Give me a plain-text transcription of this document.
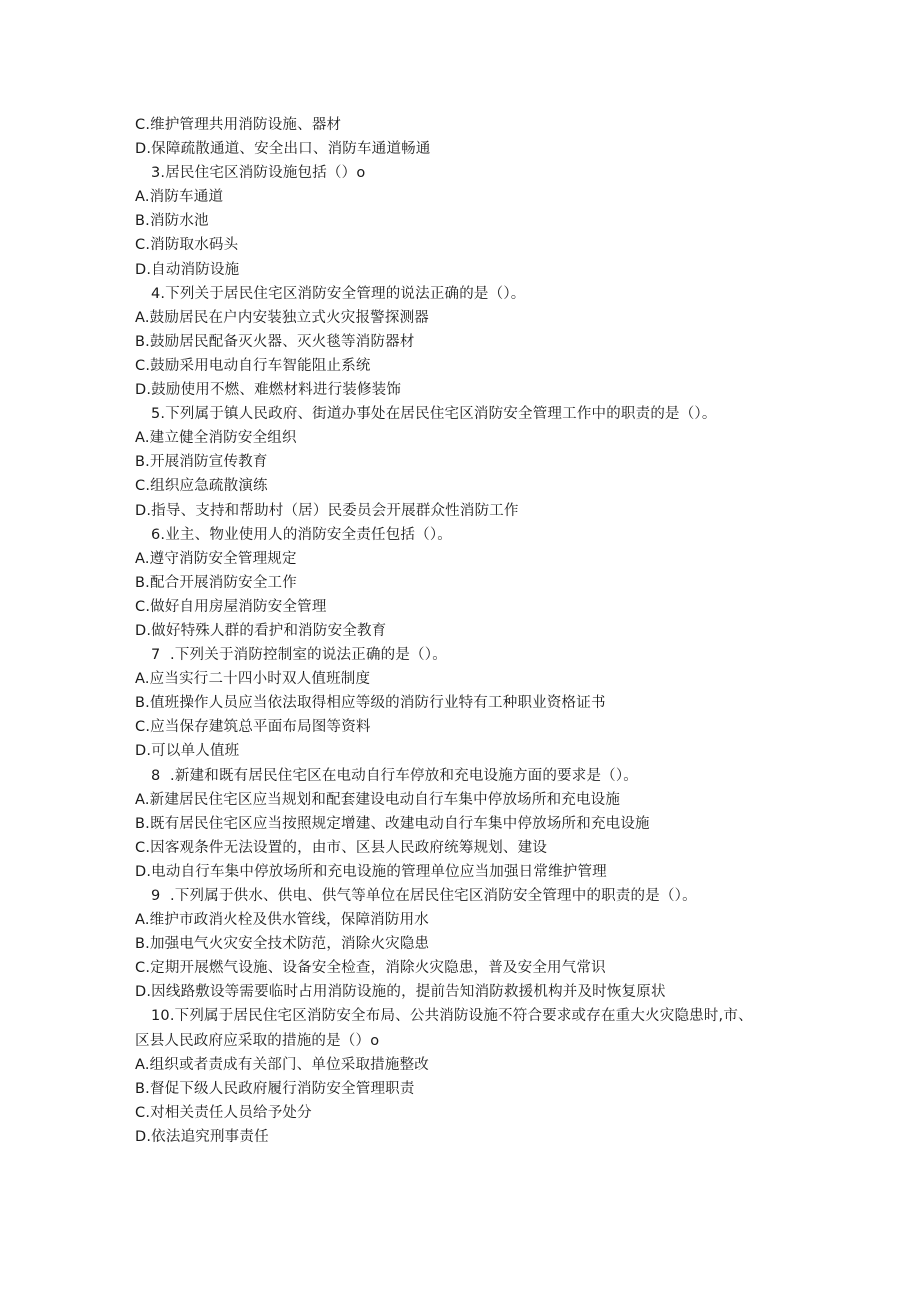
C.维护管理共用消防设施、器材
D.保障疏散通道、安全出口、消防车通道畅通
3.居民住宅区消防设施包括（）o
A.消防车通道
B.消防水池
C.消防取水码头
D.自动消防设施
4.下列关于居民住宅区消防安全管理的说法正确的是（）。
A.鼓励居民在户内安装独立式火灾报警探测器
B.鼓励居民配备灭火器、灭火毯等消防器材
C.鼓励采用电动自行车智能阻止系统
D.鼓励使用不燃、难燃材料进行装修装饰
5.下列属于镇人民政府、街道办事处在居民住宅区消防安全管理工作中的职责的是（）。
A.建立健全消防安全组织
B.开展消防宣传教育
C.组织应急疏散演练
D.指导、支持和帮助村（居）民委员会开展群众性消防工作
6.业主、物业使用人的消防安全责任包括（）。
A.遵守消防安全管理规定
B.配合开展消防安全工作
C.做好自用房屋消防安全管理
D.做好特殊人群的看护和消防安全教育
7  .下列关于消防控制室的说法正确的是（）。
A.应当实行二十四小时双人值班制度
B.值班操作人员应当依法取得相应等级的消防行业特有工种职业资格证书
C.应当保存建筑总平面布局图等资料
D.可以单人值班
8  .新建和既有居民住宅区在电动自行车停放和充电设施方面的要求是（）。
A.新建居民住宅区应当规划和配套建设电动自行车集中停放场所和充电设施
B.既有居民住宅区应当按照规定增建、改建电动自行车集中停放场所和充电设施
C.因客观条件无法设置的，由市、区县人民政府统筹规划、建设
D.电动自行车集中停放场所和充电设施的管理单位应当加强日常维护管理
9  .下列属于供水、供电、供气等单位在居民住宅区消防安全管理中的职责的是（）。
A.维护市政消火栓及供水管线，保障消防用水
B.加强电气火灾安全技术防范，消除火灾隐患
C.定期开展燃气设施、设备安全检查，消除火灾隐患，普及安全用气常识
D.因线路敷设等需要临时占用消防设施的，提前告知消防救援机构并及时恢复原状
10.下列属于居民住宅区消防安全布局、公共消防设施不符合要求或存在重大火灾隐患时,市、
区县人民政府应采取的措施的是（）o
A.组织或者责成有关部门、单位采取措施整改
B.督促下级人民政府履行消防安全管理职责
C.对相关责任人员给予处分
D.依法追究刑事责任
